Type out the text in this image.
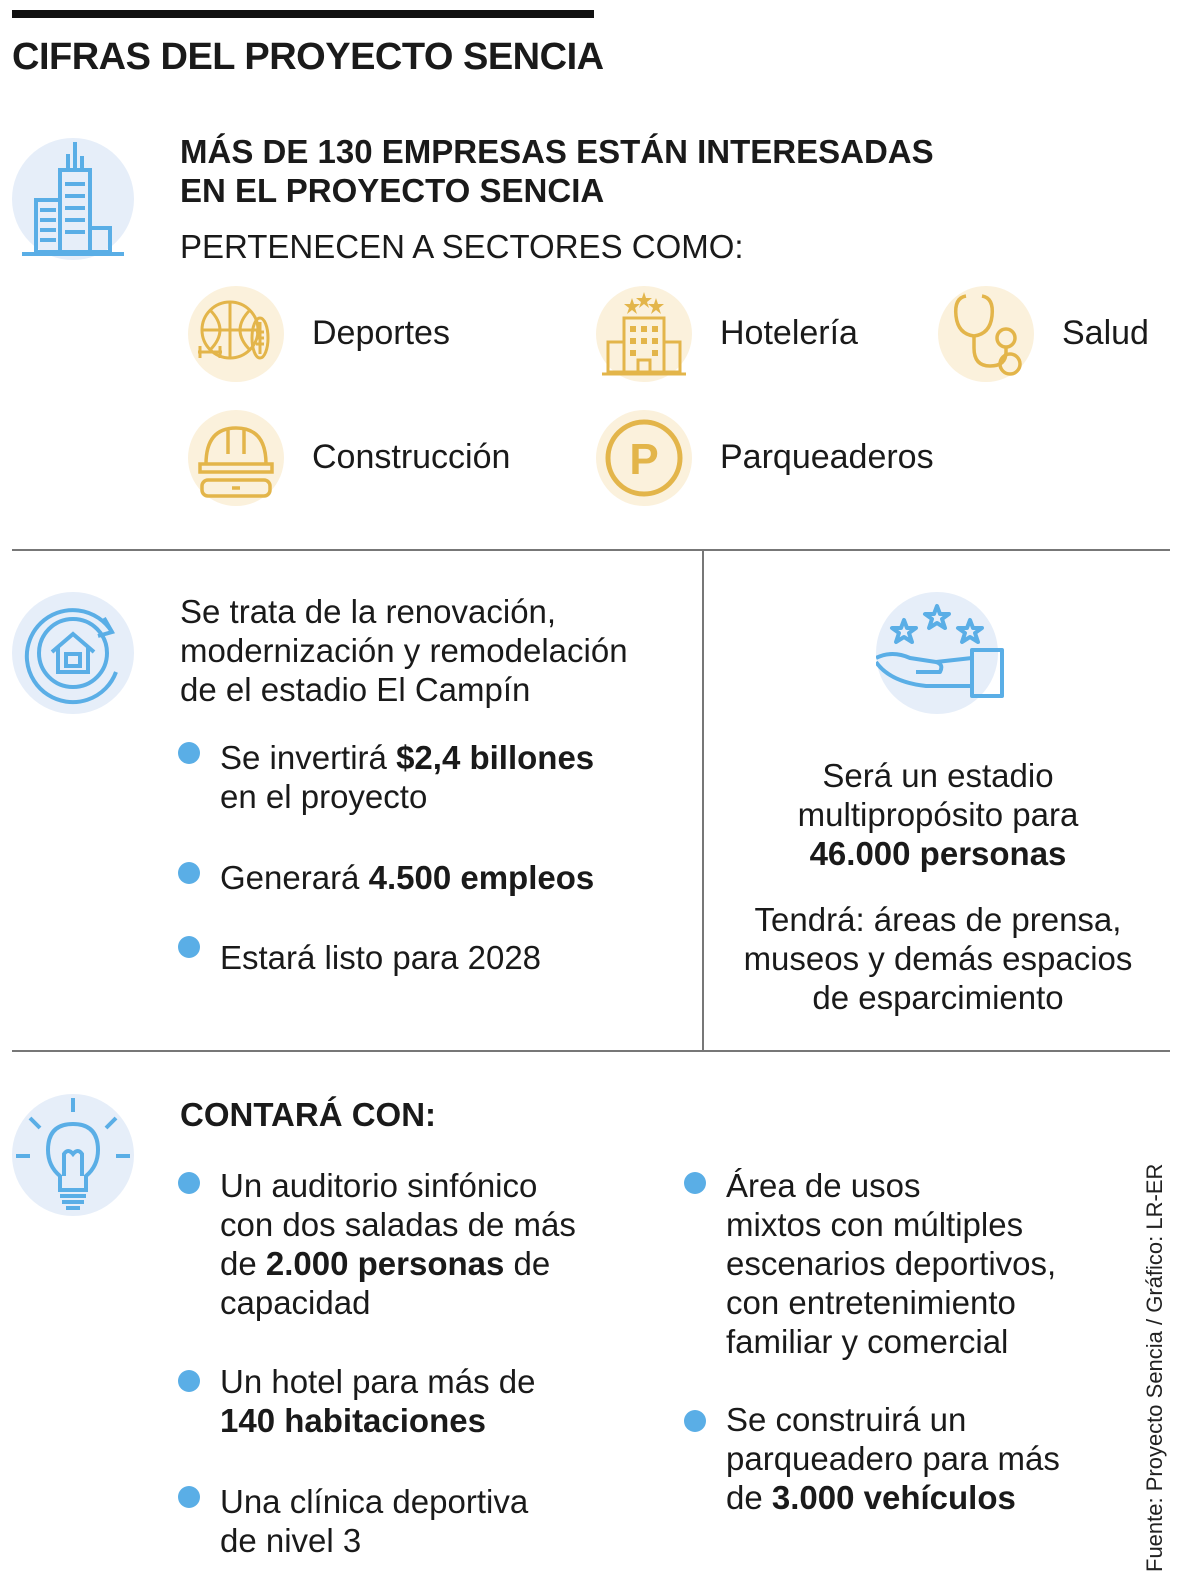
CIFRAS DEL PROYECTO SENCIA
MÁS DE 130 EMPRESAS ESTÁN INTERESADAS
EN EL PROYECTO SENCIA
PERTENECEN A SECTORES COMO:
Deportes	Hotelería	Salud
Construcción	P Parqueaderos
Se trata de la renovación,
modernización y remodelación
de el estadio El Campín
Se invertirá $2,4 billones
en el proyecto
Generará 4.500 empleos
Estará listo para 2028
Será un estadio
multipropósito para
46.000 personas
Tendrá: áreas de prensa,
museos y demás espacios
de esparcimiento
CONTARÁ CON:
Un auditorio sinfónico
con dos saladas de más
de 2.000 personas de
capacidad
Un hotel para más de
140 habitaciones
Una clínica deportiva
de nivel 3
Área de usos
mixtos con múltiples
escenarios deportivos,
con entretenimiento
familiar y comercial
Se construirá un
parqueadero para más
de 3.000 vehículos	Fuente: Proyecto Sencia / Gráfico: LR-ER
